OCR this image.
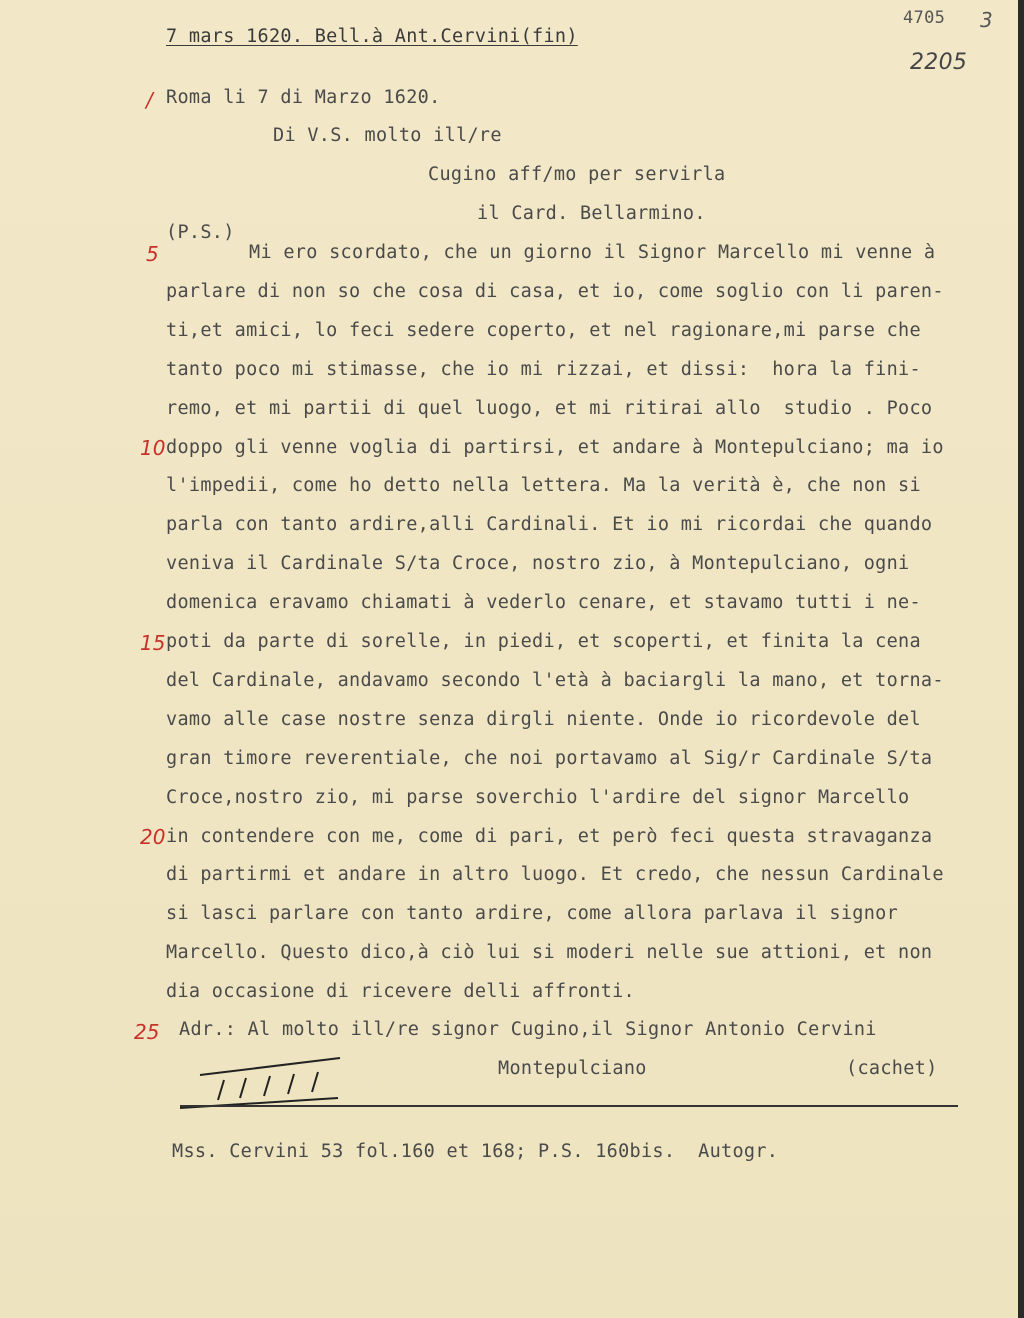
7 mars 1620. Bell.à Ant.Cervini(fin)
4705 3
2205
/ Roma li 7 di Marzo 1620.
Di V.S. molto ill/re
Cugino aff/mo per servirla
il Card. Bellarmino.
(P.S.)
Mi ero scordato, che un giorno il Signor Marcello mi venne à
parlare di non so che cosa di casa, et io, come soglio con li paren-
ti,et amici, lo feci sedere coperto, et nel ragionare,mi parse che
tanto poco mi stimasse, che io mi rizzai, et dissi:  hora la fini-
remo, et mi partii di quel luogo, et mi ritirai allo  studio . Poco
doppo gli venne voglia di partirsi, et andare à Montepulciano; ma io
l'impedii, come ho detto nella lettera. Ma la verità è, che non si
parla con tanto ardire,alli Cardinali. Et io mi ricordai che quando
veniva il Cardinale S/ta Croce, nostro zio, à Montepulciano, ogni
domenica eravamo chiamati à vederlo cenare, et stavamo tutti i ne-
poti da parte di sorelle, in piedi, et scoperti, et finita la cena
del Cardinale, andavamo secondo l'età à baciargli la mano, et torna-
vamo alle case nostre senza dirgli niente. Onde io ricordevole del
gran timore reverentiale, che noi portavamo al Sig/r Cardinale S/ta
Croce,nostro zio, mi parse soverchio l'ardire del signor Marcello
in contendere con me, come di pari, et però feci questa stravaganza
di partirmi et andare in altro luogo. Et credo, che nessun Cardinale
si lasci parlare con tanto ardire, come allora parlava il signor
Marcello. Questo dico,à ciò lui si moderi nelle sue attioni, et non
dia occasione di ricevere delli affronti.
5
10
15
20
25 Adr.: Al molto ill/re signor Cugino,il Signor Antonio Cervini
Montepulciano	(cachet)
Mss. Cervini 53 fol.160 et 168; P.S. 160bis.  Autogr.
